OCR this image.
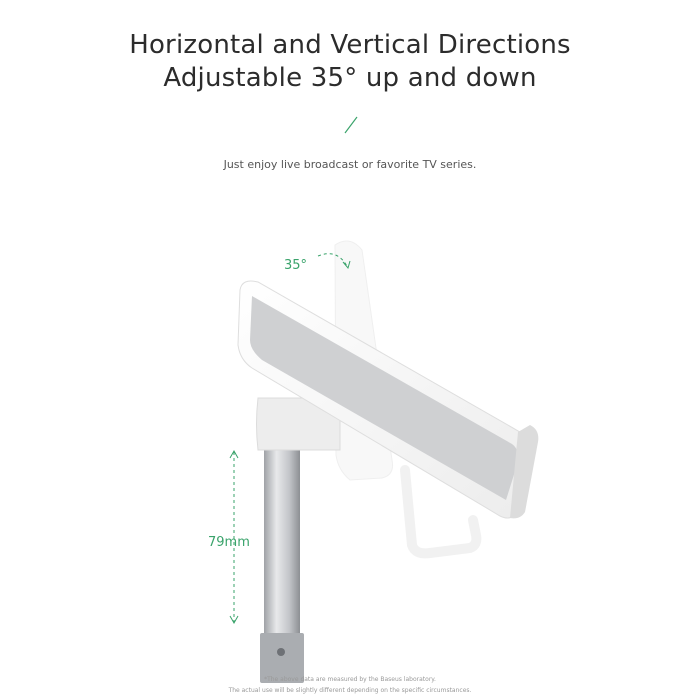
Horizontal and Vertical Directions
Adjustable 35° up and down
Just enjoy live broadcast or favorite TV series.
35°
79mm
*The above data are measured by the Baseus laboratory.
The actual use will be slightly different depending on the specific circumstances.
